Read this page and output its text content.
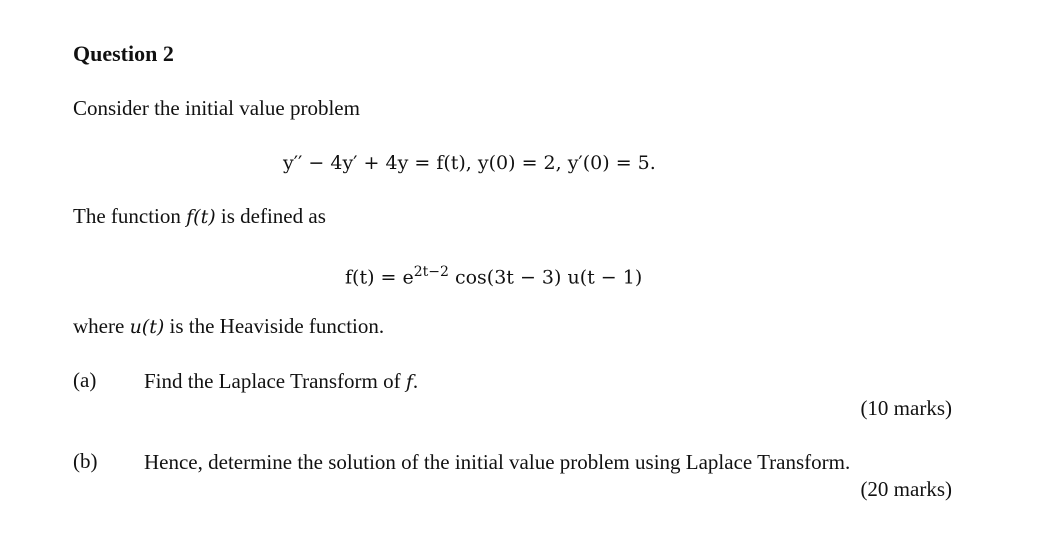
Question 2
Consider the initial value problem
y′′ − 4y′ + 4y = f(t), y(0) = 2, y′(0) = 5.
The function f(t) is defined as
$f(t) = e^{2t-2}$ cos(3t − 3) u(t − 1)
where u(t) is the Heaviside function.
(a) Find the Laplace Transform of f.
(10 marks)
(b) Hence, determine the solution of the initial value problem using Laplace Transform.
(20 marks)
